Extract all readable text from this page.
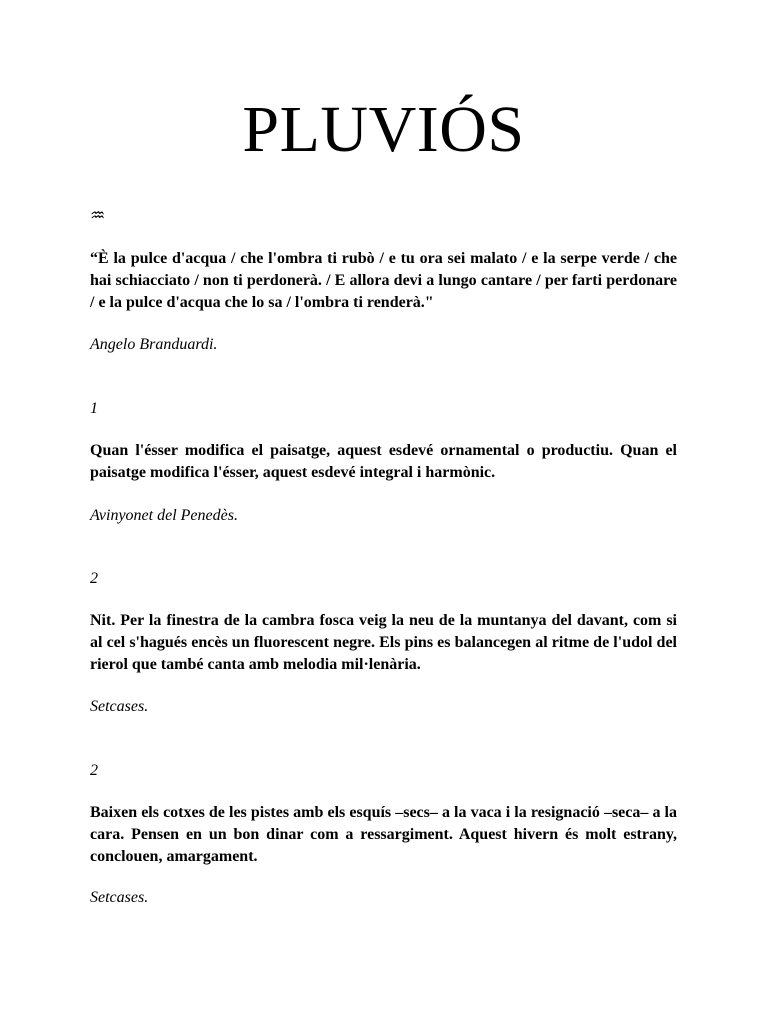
PLUVIÓS
♒

“È la pulce d'acqua / che l'ombra ti rubò / e tu ora sei malato / e la serpe verde / che hai schiacciato / non ti perdonerà. / E allora devi a lungo cantare / per farti perdonare / e la pulce d'acqua che lo sa / l'ombra ti renderà."

Angelo Branduardi.

1

Quan l'ésser modifica el paisatge, aquest esdevé ornamental o productiu. Quan el paisatge modifica l'ésser, aquest esdevé integral i harmònic.

Avinyonet del Penedès.

2

Nit. Per la finestra de la cambra fosca veig la neu de la muntanya del davant, com si al cel s'hagués encès un fluorescent negre. Els pins es balancegen al ritme de l'udol del rierol que també canta amb melodia mil·lenària.

Setcases.

2

Baixen els cotxes de les pistes amb els esquís –secs– a la vaca i la resignació –seca– a la cara. Pensen en un bon dinar com a ressargiment. Aquest hivern és molt estrany, conclouen, amargament.

Setcases.
